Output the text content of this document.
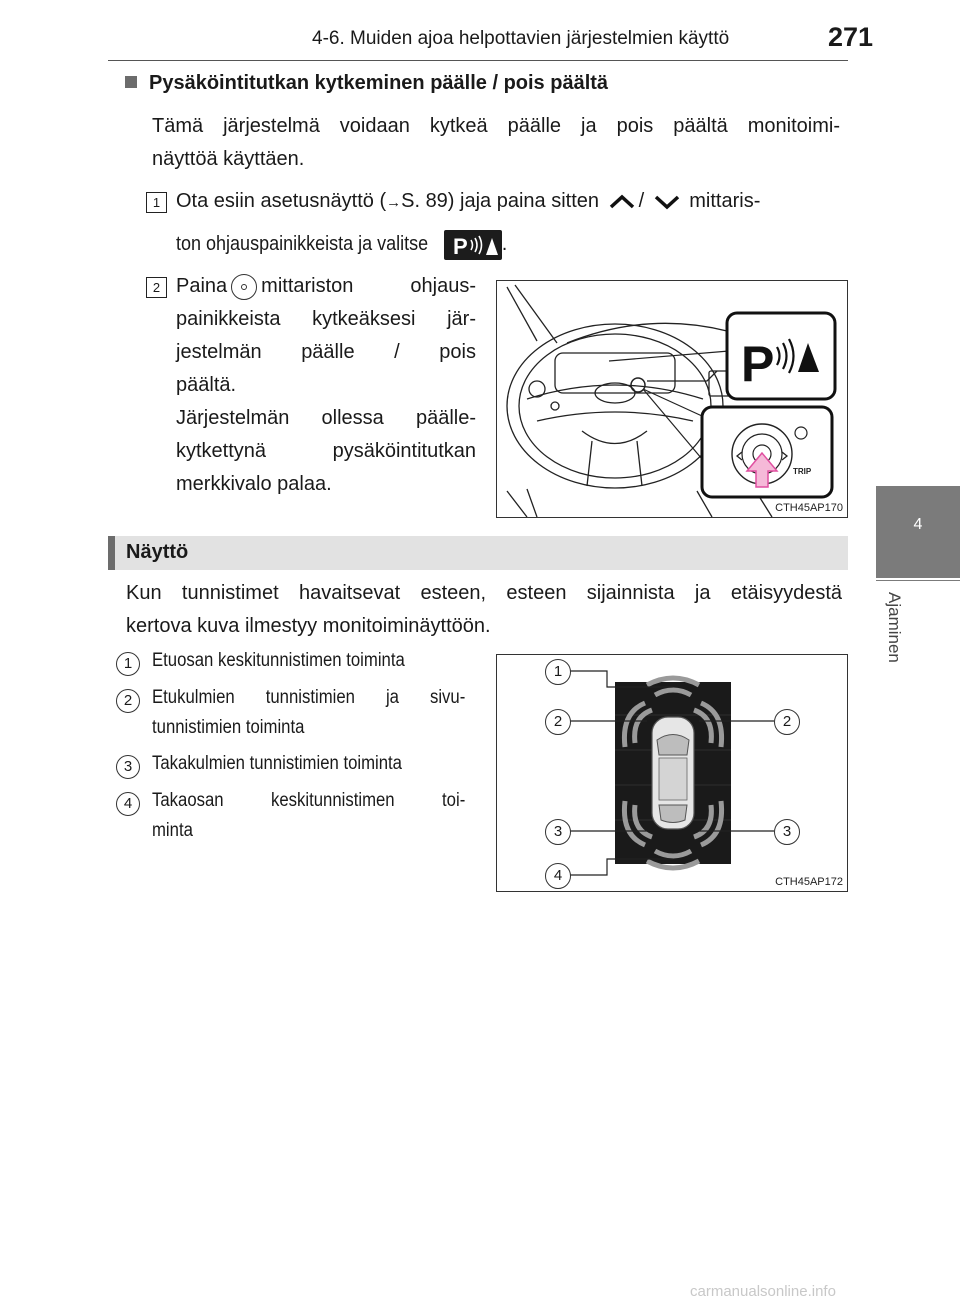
4-6. Muiden ajoa helpottavien järjestelmien käyttö	271
4
Ajaminen
Pysäköintitutkan kytkeminen päälle / pois päältä
Tämä järjestelmä voidaan kytkeä päälle ja pois päältä monitoimi-
näyttöä käyttäen.
1 Ota esiin asetusnäyttö (→S. 89) jaja paina sitten / mittaris-
ton ohjauspainikkeista ja valitse P .
2 Paina mittariston ohjaus-
painikkeista kytkeäksesi jär-
jestelmän päälle / pois
päältä.
Järjestelmän ollessa päälle-
kytkettynä pysäköintitutkan
merkkivalo palaa.
P
TRIP
CTH45AP170
Näyttö
Kun tunnistimet havaitsevat esteen, esteen sijainnista ja etäisyydestä
kertova kuva ilmestyy monitoiminäyttöön.
1	Etuosan keskitunnistimen toiminta
2	Etukulmien tunnistimien ja sivu-
tunnistimien toiminta
3	Takakulmien tunnistimien toiminta
4	Takaosan keskitunnistimen toi-
minta
1
2	2
3	3
4	CTH45AP172
carmanualsonline.info
